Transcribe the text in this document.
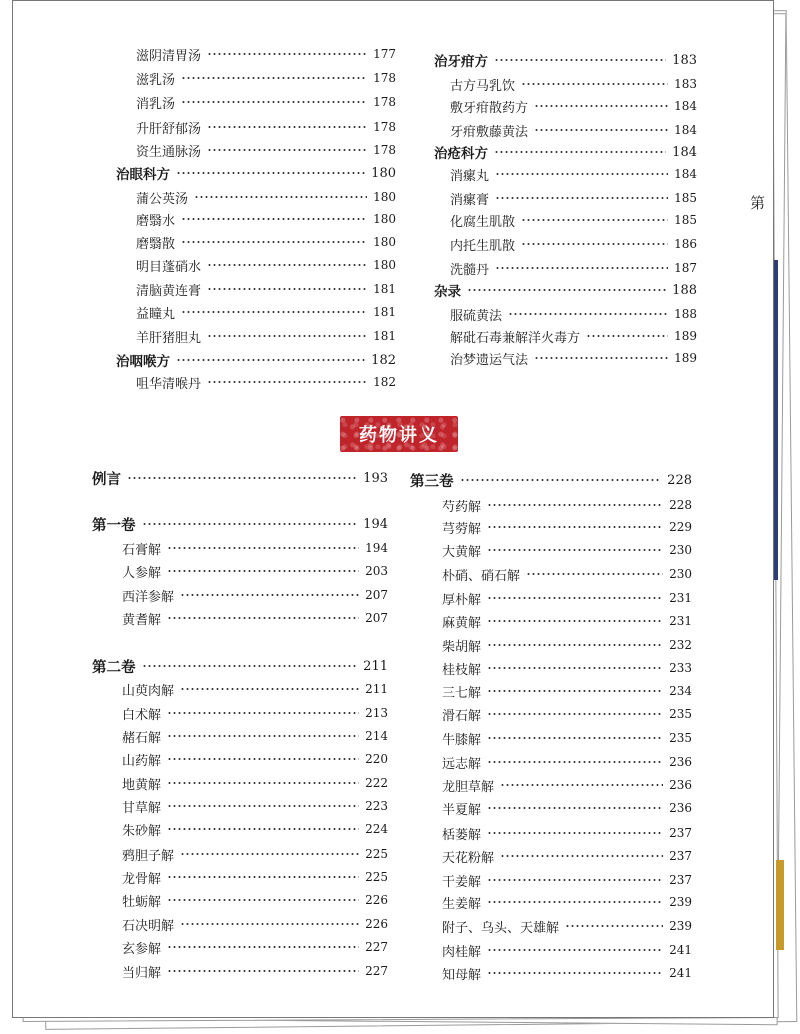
第
药物讲义
滋阴清胃汤	177
滋乳汤	178
消乳汤	178
升肝舒郁汤	178
资生通脉汤	178
治眼科方	180
蒲公英汤	180
磨翳水	180
磨翳散	180
明目蓬硝水	180
清脑黄连膏	181
益瞳丸	181
羊肝猪胆丸	181
治咽喉方	182
咀华清喉丹	182
治牙疳方	183
古方马乳饮	183
敷牙疳散药方	184
牙疳敷藤黄法	184
治疮科方	184
消瘰丸	184
消瘰膏	185
化腐生肌散	185
内托生肌散	186
洗髓丹	187
杂录	188
服硫黄法	188
解砒石毒兼解洋火毒方	189
治梦遗运气法	189
例言	193
第一卷	194
石膏解	194
人参解	203
西洋参解	207
黄耆解	207
第二卷	211
山萸肉解	211
白术解	213
赭石解	214
山药解	220
地黄解	222
甘草解	223
朱砂解	224
鸦胆子解	225
龙骨解	225
牡蛎解	226
石决明解	226
玄参解	227
当归解	227
第三卷	228
芍药解	228
芎䓖解	229
大黄解	230
朴硝、硝石解	230
厚朴解	231
麻黄解	231
柴胡解	232
桂枝解	233
三七解	234
滑石解	235
牛膝解	235
远志解	236
龙胆草解	236
半夏解	236
栝蒌解	237
天花粉解	237
干姜解	237
生姜解	239
附子、乌头、天雄解	239
肉桂解	241
知母解	241
